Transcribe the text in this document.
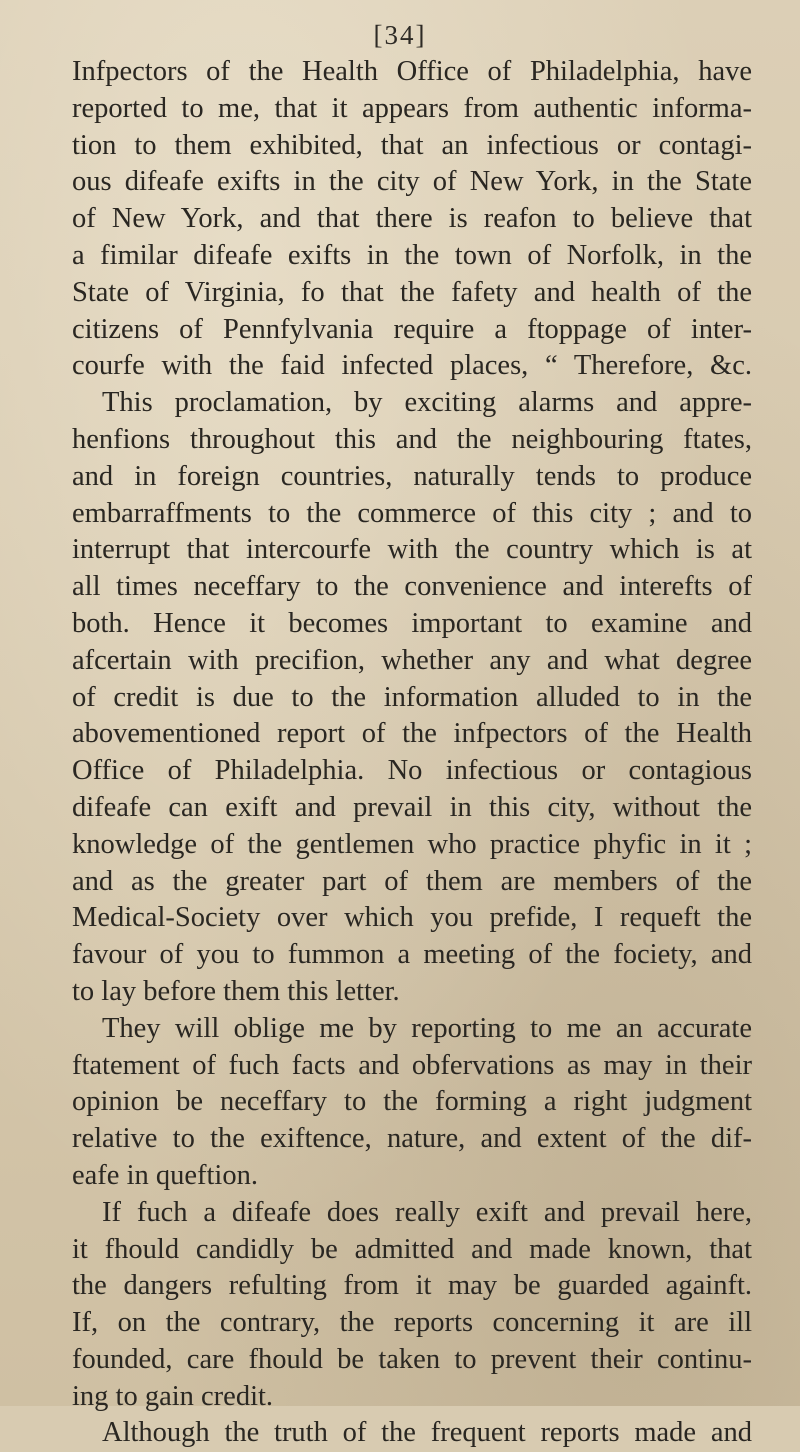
[34]
Infpectors of the Health Office of Philadelphia, have
reported to me, that it appears from authentic informa-
tion to them exhibited, that an infectious or contagi-
ous difeafe exifts in the city of New York, in the State
of New York, and that there is reafon to believe that
a fimilar difeafe exifts in the town of Norfolk, in the
State of Virginia, fo that the fafety and health of the
citizens of Pennfylvania require a ftoppage of inter-
courfe with the faid infected places, “ Therefore, &c.
This proclamation, by exciting alarms and appre-
henfions throughout this and the neighbouring ftates,
and in foreign countries, naturally tends to produce
embarraffments to the commerce of this city ; and to
interrupt that intercourfe with the country which is at
all times neceffary to the convenience and interefts of
both. Hence it becomes important to examine and
afcertain with precifion, whether any and what degree
of credit is due to the information alluded to in the
abovementioned report of the infpectors of the Health
Office of Philadelphia. No infectious or contagious
difeafe can exift and prevail in this city, without the
knowledge of the gentlemen who practice phyfic in it ;
and as the greater part of them are members of the
Medical-Society over which you prefide, I requeft the
favour of you to fummon a meeting of the fociety, and
to lay before them this letter.
They will oblige me by reporting to me an accurate
ftatement of fuch facts and obfervations as may in their
opinion be neceffary to the forming a right judgment
relative to the exiftence, nature, and extent of the dif-
eafe in queftion.
If fuch a difeafe does really exift and prevail here,
it fhould candidly be admitted and made known, that
the dangers refulting from it may be guarded againft.
If, on the contrary, the reports concerning it are ill
founded, care fhould be taken to prevent their continu-
ing to gain credit.
Although the truth of the frequent reports made and
